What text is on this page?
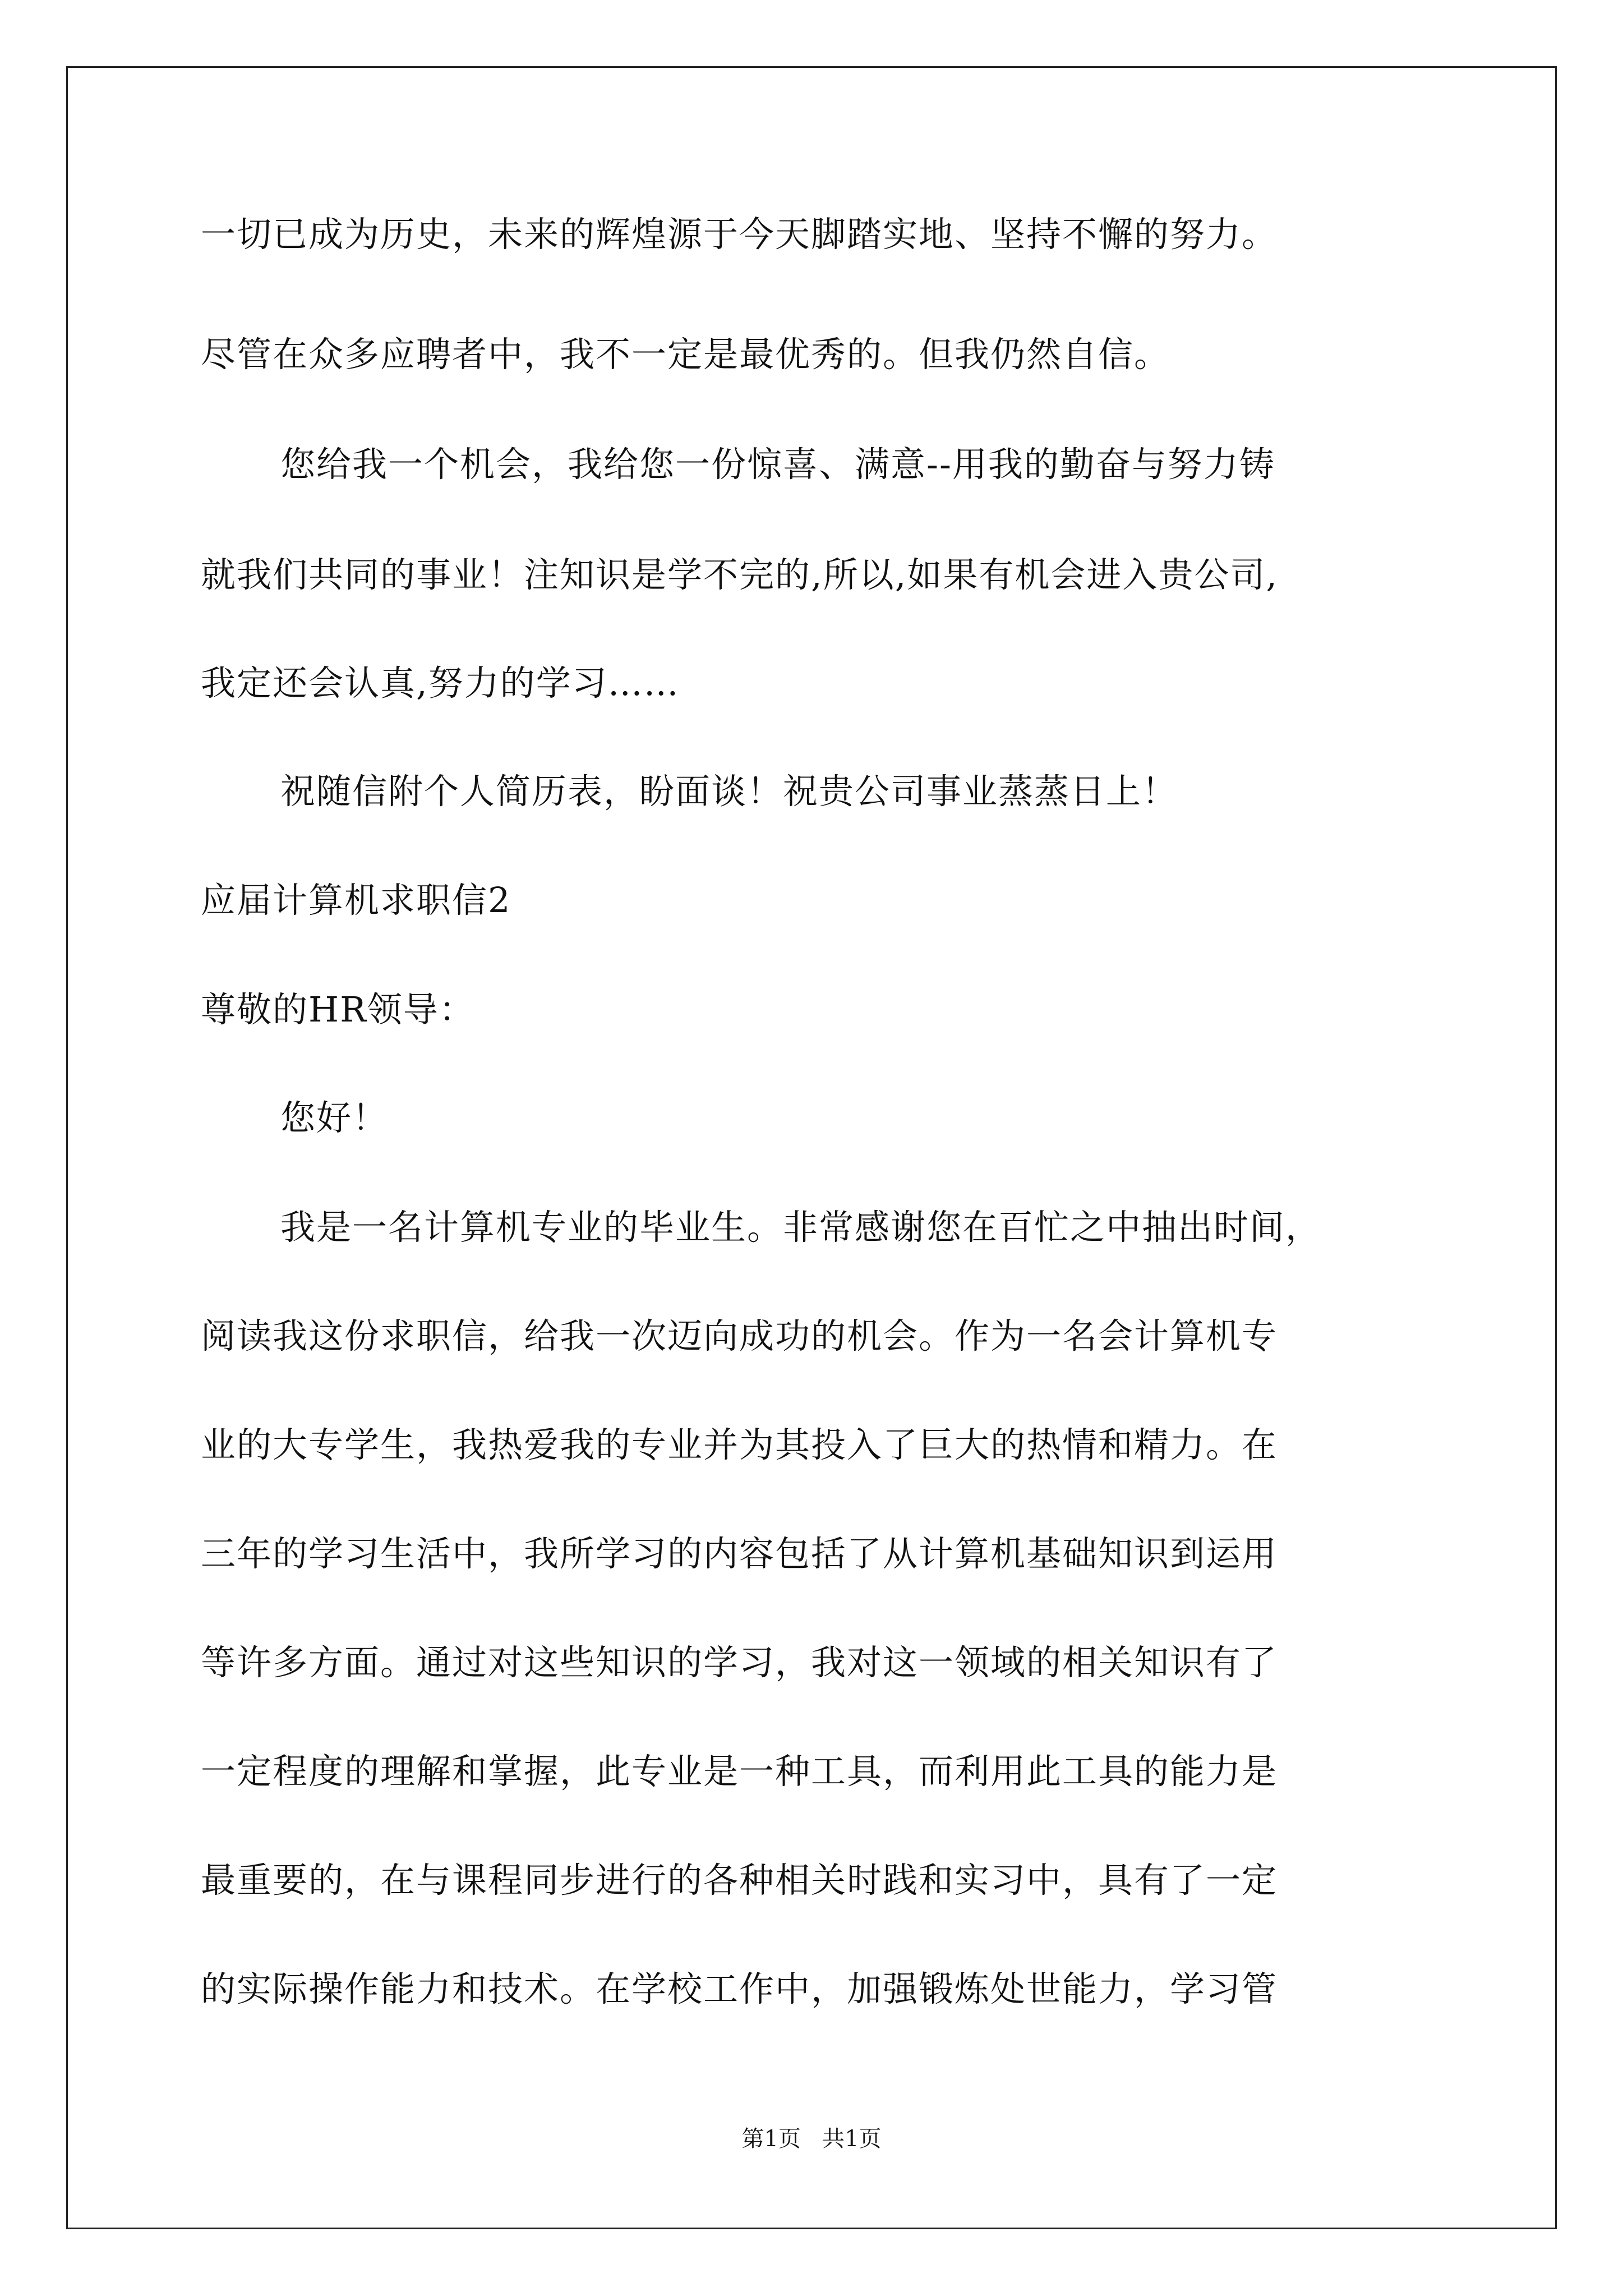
一切已成为历史，未来的辉煌源于今天脚踏实地、坚持不懈的努力。
尽管在众多应聘者中，我不一定是最优秀的。但我仍然自信。
您给我一个机会，我给您一份惊喜、满意--用我的勤奋与努力铸
就我们共同的事业！注知识是学不完的,所以,如果有机会进入贵公司,
我定还会认真,努力的学习……
祝随信附个人简历表，盼面谈！祝贵公司事业蒸蒸日上！
应届计算机求职信2
尊敬的HR领导：
您好！
我是一名计算机专业的毕业生。非常感谢您在百忙之中抽出时间，
阅读我这份求职信，给我一次迈向成功的机会。作为一名会计算机专
业的大专学生，我热爱我的专业并为其投入了巨大的热情和精力。在
三年的学习生活中，我所学习的内容包括了从计算机基础知识到运用
等许多方面。通过对这些知识的学习，我对这一领域的相关知识有了
一定程度的理解和掌握，此专业是一种工具，而利用此工具的能力是
最重要的，在与课程同步进行的各种相关时践和实习中，具有了一定
的实际操作能力和技术。在学校工作中，加强锻炼处世能力，学习管
第1页   共1页
